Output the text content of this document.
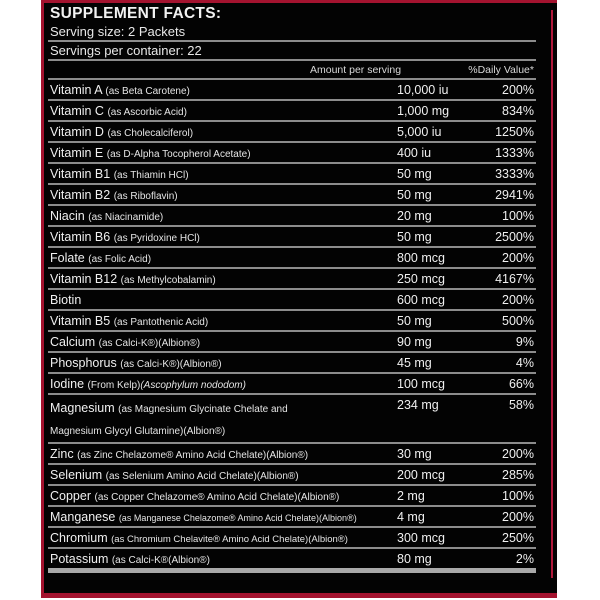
SUPPLEMENT FACTS:
Serving size: 2 Packets
Servings per container: 22
Amount per serving	%Daily Value*
Vitamin A (as Beta Carotene)	10,000 iu	200%
Vitamin C (as Ascorbic Acid)	1,000 mg	834%
Vitamin D (as Cholecalciferol)	5,000 iu	1250%
Vitamin E (as D-Alpha Tocopherol Acetate)	400 iu	1333%
Vitamin B1 (as Thiamin HCl)	50 mg	3333%
Vitamin B2 (as Riboflavin)	50 mg	2941%
Niacin (as Niacinamide)	20 mg	100%
Vitamin B6 (as Pyridoxine HCl)	50 mg	2500%
Folate (as Folic Acid)	800 mcg	200%
Vitamin B12 (as Methylcobalamin)	250 mcg	4167%
Biotin	600 mcg	200%
Vitamin B5 (as Pantothenic Acid)	50 mg	500%
Calcium (as Calci-K®)(Albion®)	90 mg	9%
Phosphorus (as Calci-K®)(Albion®)	45 mg	4%
Iodine (From Kelp)(Ascophylum nododom)	100 mcg	66%
Magnesium (as Magnesium Glycinate Chelate and
Magnesium Glycyl Glutamine)(Albion®)
234 mg	58%
Zinc (as Zinc Chelazome® Amino Acid Chelate)(Albion®)	30 mg	200%
Selenium (as Selenium Amino Acid Chelate)(Albion®)	200 mcg	285%
Copper (as Copper Chelazome® Amino Acid Chelate)(Albion®)	2 mg	100%
Manganese (as Manganese Chelazome® Amino Acid Chelate)(Albion®)	4 mg	200%
Chromium (as Chromium Chelavite® Amino Acid Chelate)(Albion®)	300 mcg	250%
Potassium (as Calci-K®(Albion®)	80 mg	2%
